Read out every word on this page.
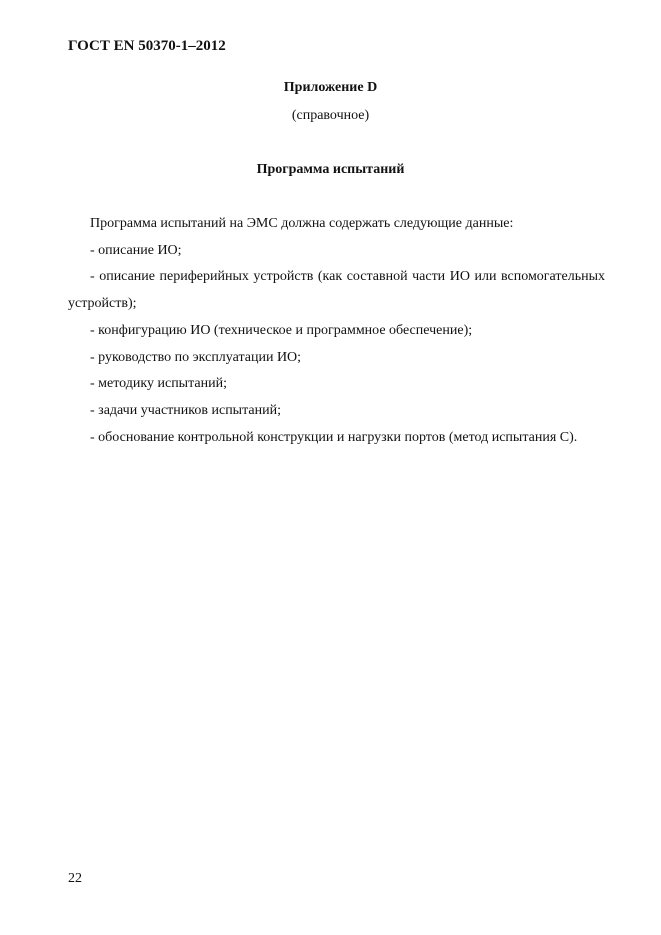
ГОСТ EN 50370-1–2012
Приложение D
(справочное)
Программа испытаний

Программа испытаний на ЭМС должна содержать следующие данные:

- описание ИО;

- описание периферийных устройств (как составной части ИО или вспомогательных устройств);

- конфигурацию ИО (техническое и программное обеспечение);

- руководство по эксплуатации ИО;

- методику испытаний;

- задачи участников испытаний;

- обоснование контрольной конструкции и нагрузки портов (метод испытания С).

22
